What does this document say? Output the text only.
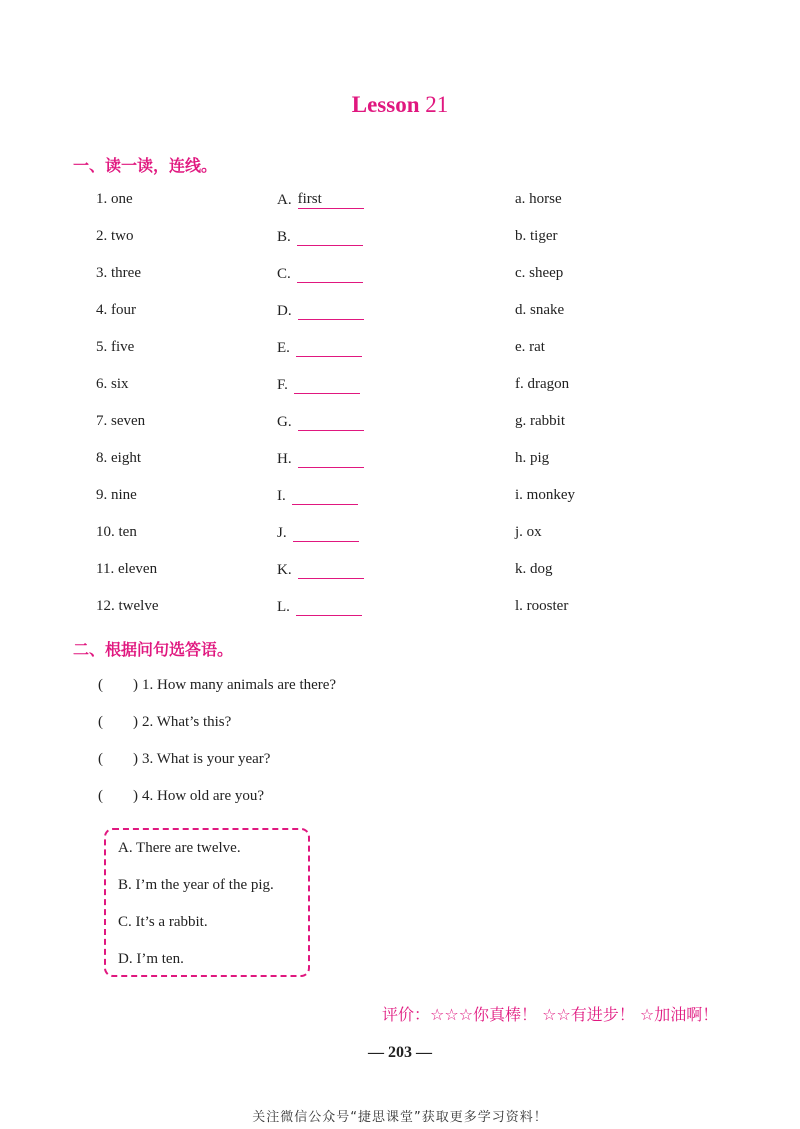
Lesson 21
一、读一读，连线。
1. one	A. first	a. horse
2. two	B.	b. tiger
3. three	C.	c. sheep
4. four	D.	d. snake
5. five	E.	e. rat
6. six	F.	f. dragon
7. seven	G.	g. rabbit
8. eight	H.	h. pig
9. nine	I.	i. monkey
10. ten	J.	j. ox
11. eleven	K.	k. dog
12. twelve	L.	l. rooster
二、根据问句选答语。
(　　) 1. How many animals are there?
(　　) 2. What’s this?
(　　) 3. What is your year?
(　　) 4. How old are you?
A. There are twelve.
B. I’m the year of the pig.
C. It’s a rabbit.
D. I’m ten.
评价：☆☆☆你真棒！ ☆☆有进步！ ☆加油啊！
— 203 —
关注微信公众号“捷思课堂”获取更多学习资料！
